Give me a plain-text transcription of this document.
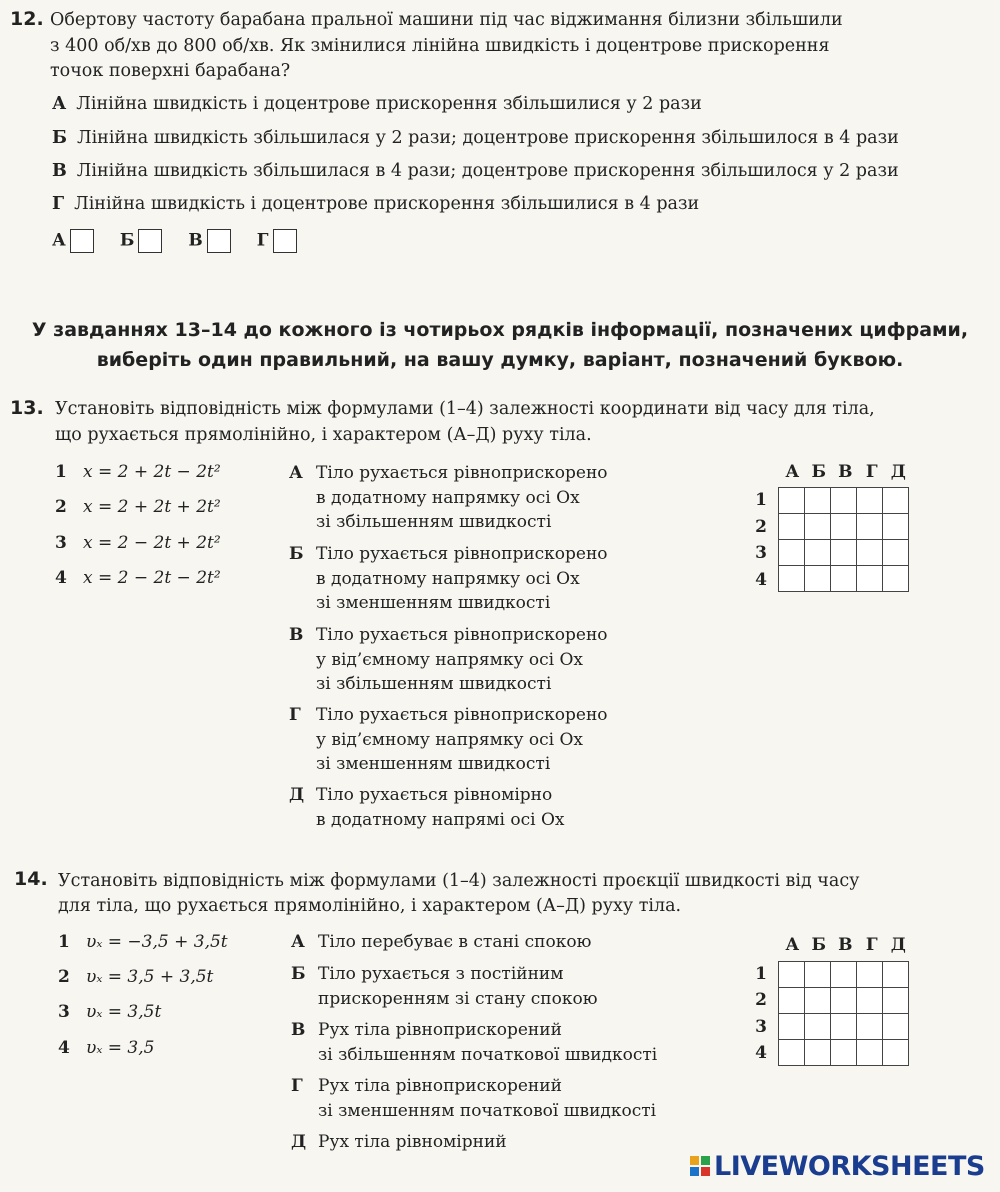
12. Обертову частоту барабана пральної машини під час віджимання білизни збільшили
з 400 об/хв до 800 об/хв. Як змінилися лінійна швидкість і доцентрове прискорення
точок поверхні барабана?
А Лінійна швидкість і доцентрове прискорення збільшилися у 2 рази
Б Лінійна швидкість збільшилася у 2 рази; доцентрове прискорення збільшилося в 4 рази
В Лінійна швидкість збільшилася в 4 рази; доцентрове прискорення збільшилося у 2 рази
Г Лінійна швидкість і доцентрове прискорення збільшилися в 4 рази
А	Б	В	Г
У завданнях 13–14 до кожного із чотирьох рядків інформації, позначених цифрами,
виберіть один правильний, на вашу думку, варіант, позначений буквою.
13. Установіть відповідність між формулами (1–4) залежності координати від часу для тіла,
що рухається прямолінійно, і характером (А–Д) руху тіла.
1 x = 2 + 2t − 2t²
2 x = 2 + 2t + 2t²
3 x = 2 − 2t + 2t²
4 x = 2 − 2t − 2t²
А Тіло рухається рівноприскорено
в додатному напрямку осі Ox
зі збільшенням швидкості
Б Тіло рухається рівноприскорено
в додатному напрямку осі Ox
зі зменшенням швидкості
В Тіло рухається рівноприскорено
у від’ємному напрямку осі Ox
зі збільшенням швидкості
Г Тіло рухається рівноприскорено
у від’ємному напрямку осі Ox
зі зменшенням швидкості
Д Тіло рухається рівномірно
в додатному напрямі осі Ox
А Б В Г Д
1
2
3
4

14. Установіть відповідність між формулами (1–4) залежності проєкції швидкості від часу
для тіла, що рухається прямолінійно, і характером (А–Д) руху тіла.
1 υₓ = −3,5 + 3,5t
2 υₓ = 3,5 + 3,5t
3 υₓ = 3,5t
4 υₓ = 3,5
А Тіло перебуває в стані спокою
Б Тіло рухається з постійним
прискоренням зі стану спокою
В Рух тіла рівноприскорений
зі збільшенням початкової швидкості
Г Рух тіла рівноприскорений
зі зменшенням початкової швидкості
Д Рух тіла рівномірний
А Б В Г Д
1
2
3
4

LIVEWORKSHEETS
